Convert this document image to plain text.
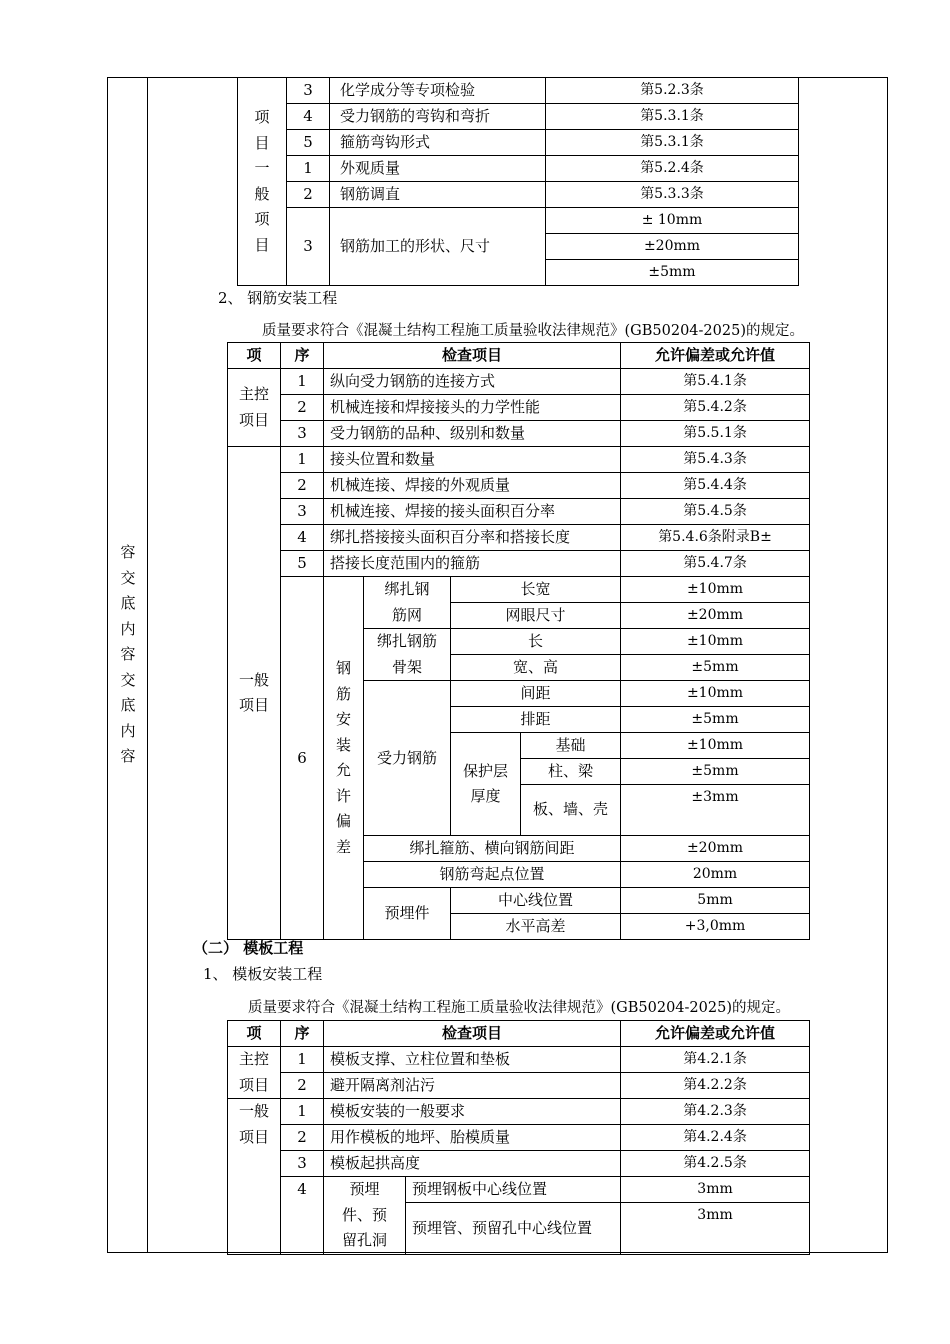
容交底内容交底内容
项目一般项目	3	化学成分等专项检验	第5.2.3条
	4	受力钢筋的弯钩和弯折	第5.3.1条
	5	箍筋弯钩形式	第5.3.1条
	1	外观质量	第5.2.4条
	2	钢筋调直	第5.3.3条
	3	钢筋加工的形状、尺寸	± 10mm
			±20mm
			±5mm
2、 钢筋安装工程
质量要求符合《混凝土结构工程施工质量验收法律规范》(GB50204-2025)的规定。
项	序	检查项目				允许偏差或允许值
主控项目	1	纵向受力钢筋的连接方式				第5.4.1条
	2	机械连接和焊接接头的力学性能				第5.4.2条
	3	受力钢筋的品种、级别和数量				第5.5.1条
一般项目	1	接头位置和数量				第5.4.3条
	2	机械连接、焊接的外观质量				第5.4.4条
	3	机械连接、焊接的接头面积百分率				第5.4.5条
	4	绑扎搭接接头面积百分率和搭接长度				第5.4.6条附录B±
	5	搭接长度范围内的箍筋				第5.4.7条
	6	钢筋安装允许偏差	绑扎钢筋网	长宽		±10mm
				网眼尺寸		±20mm
			绑扎钢筋骨架	长		±10mm
				宽、高		±5mm
			受力钢筋	间距		±10mm
				排距		±5mm
				保护层厚度	基础	±10mm
					柱、梁	±5mm
					板、墙、壳	±3mm

			绑扎箍筋、横向钢筋间距			±20mm
			钢筋弯起点位置			20mm
			预埋件	中心线位置		5mm
				水平高差		+3,0mm
（二） 模板工程
1、 模板安装工程
质量要求符合《混凝土结构工程施工质量验收法律规范》(GB50204-2025)的规定。
项	序	检查项目		允许偏差或允许值
主控项目	1	模板支撑、立柱位置和垫板		第4.2.1条
	2	避开隔离剂沾污		第4.2.2条
一般项目	1	模板安装的一般要求		第4.2.3条
	2	用作模板的地坪、胎模质量		第4.2.4条
	3	模板起拱高度		第4.2.5条
	4	预埋件、预留孔洞	预埋钢板中心线位置	3mm
			预埋管、预留孔中心线位置	3mm
